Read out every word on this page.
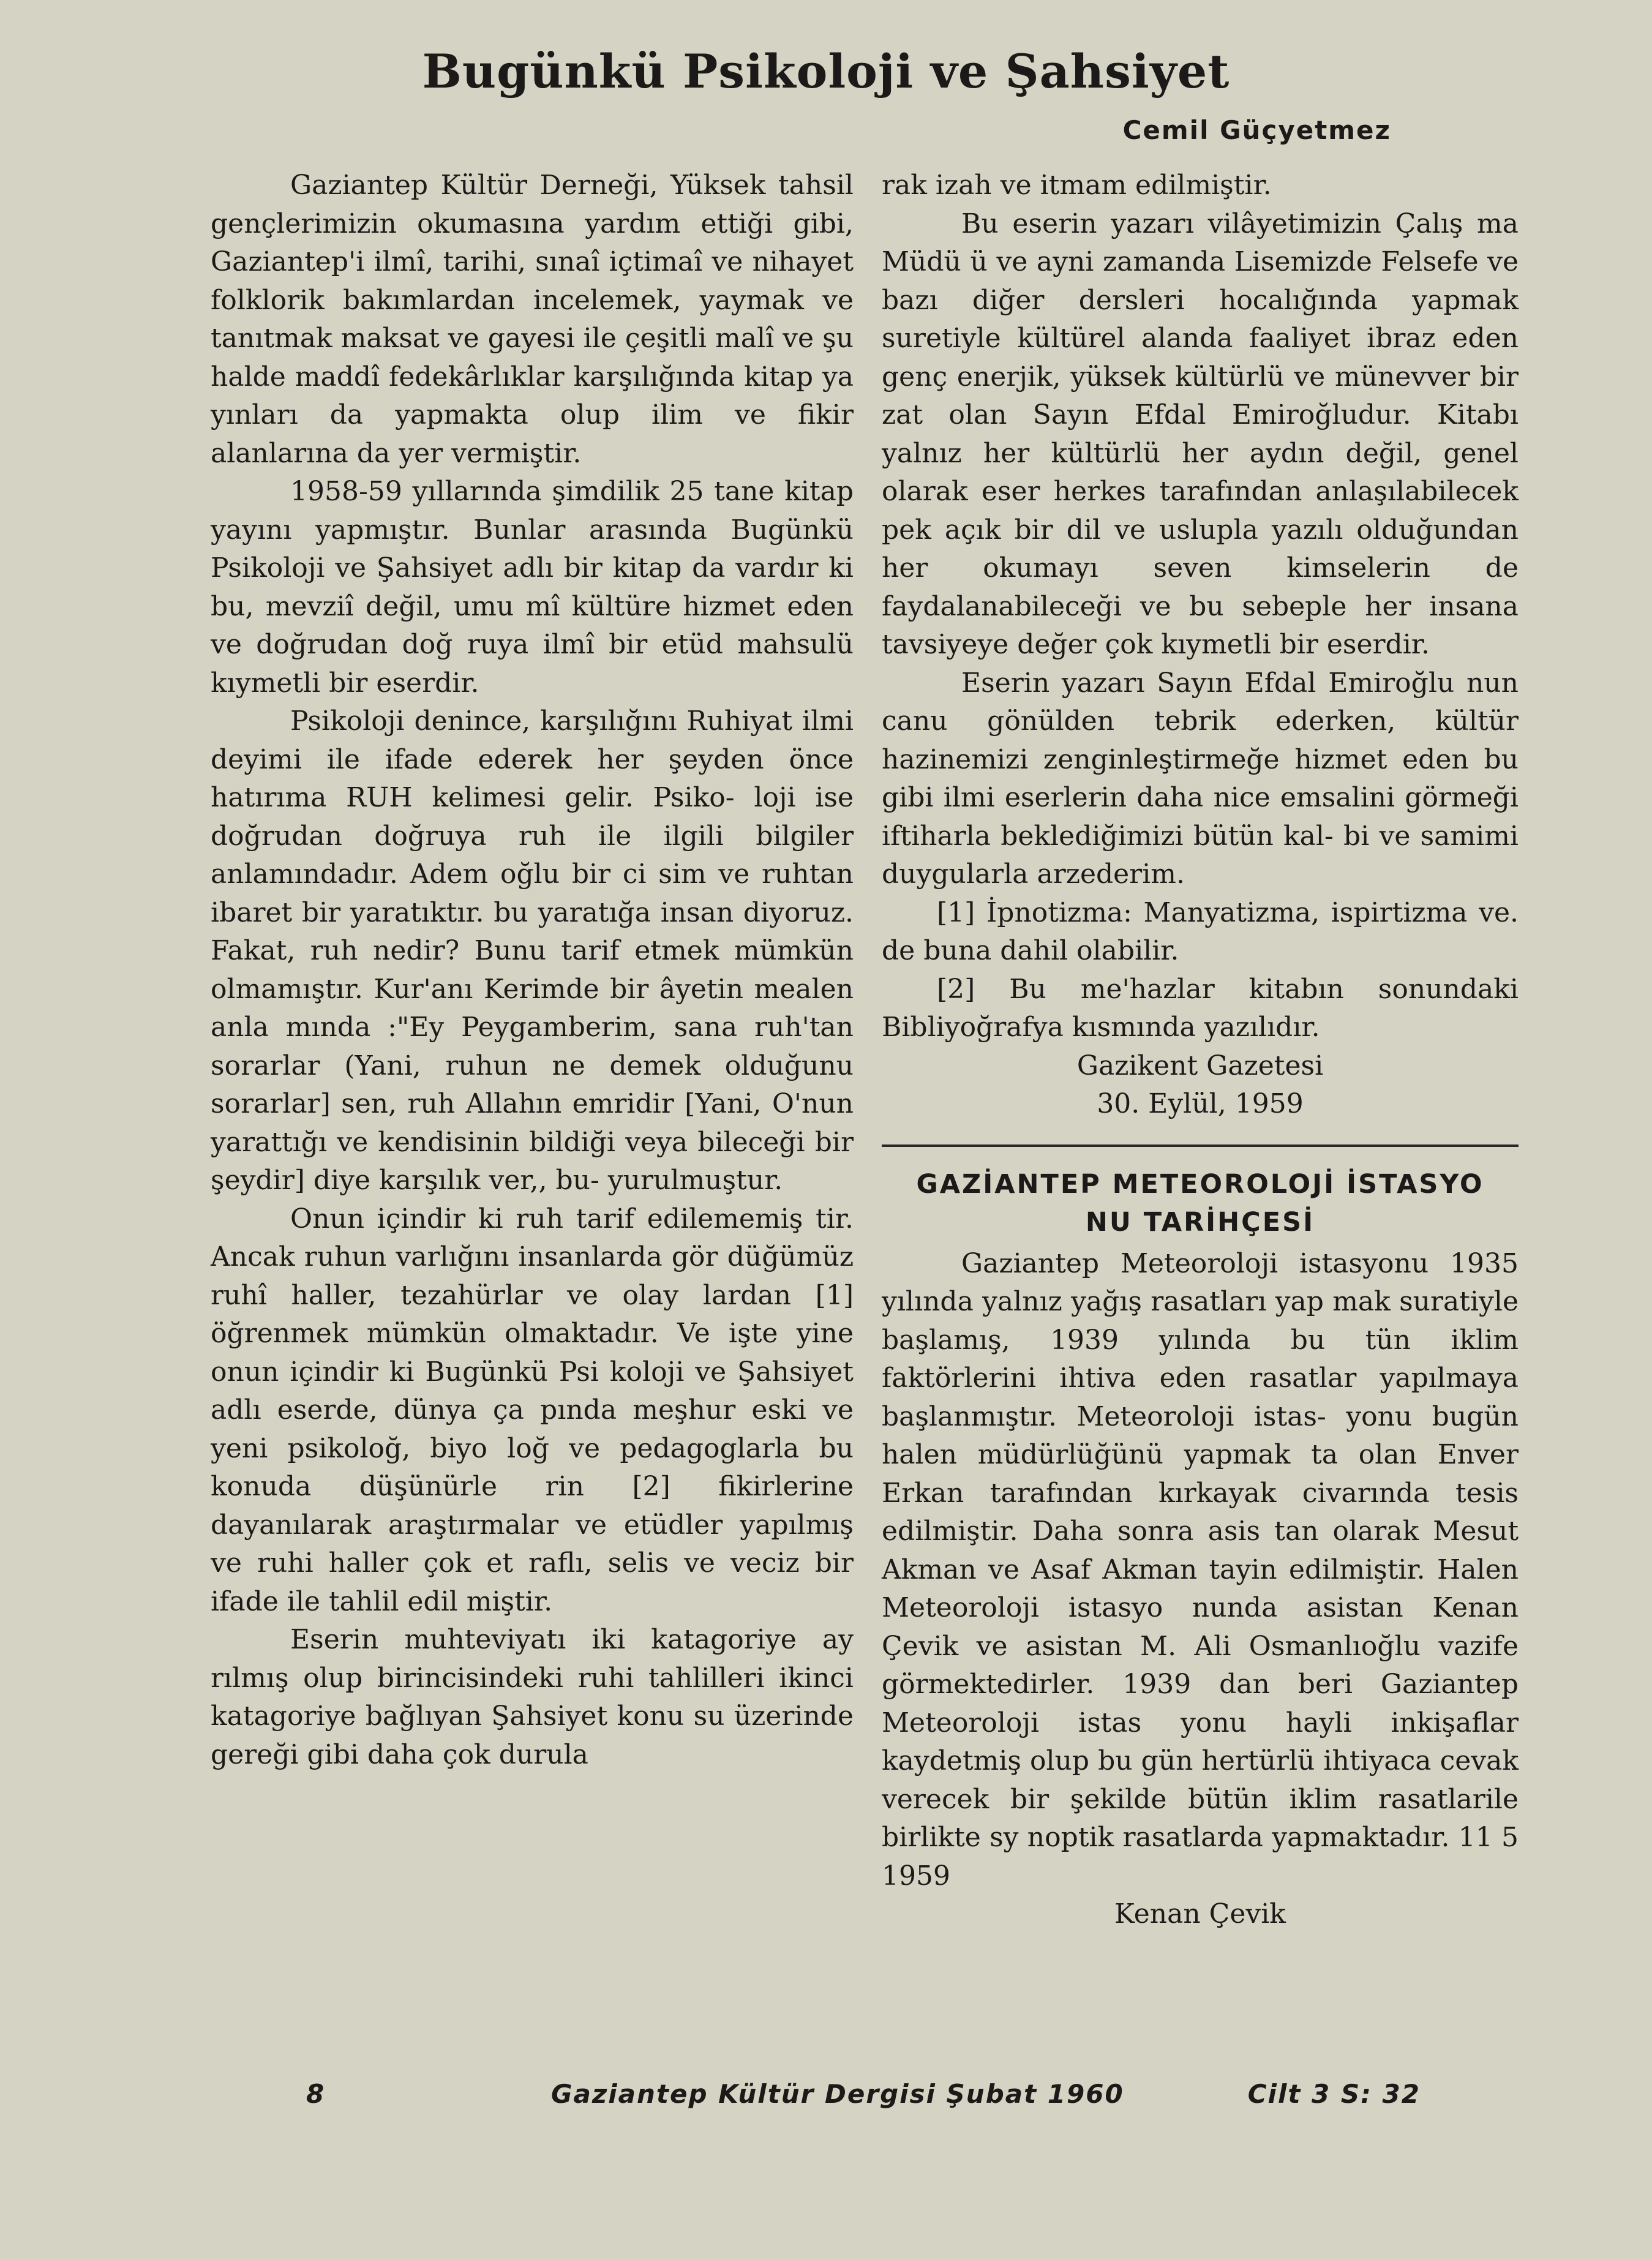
Bugünkü Psikoloji ve Şahsiyet
Cemil Güçyetmez

Gaziantep Kültür Derneği, Yüksek tahsil gençlerimizin okumasına yardım ettiği gibi, Gaziantep'i ilmî, tarihi, sınaî içtimaî ve nihayet folklorik bakımlardan incelemek, yaymak ve tanıtmak maksat ve gayesi ile çeşitli malî ve şu halde maddî fedekârlıklar karşılığında kitap ya yınları da yapmakta olup ilim ve fikir alanlarına da yer vermiştir.

1958-59 yıllarında şimdilik 25 tane kitap yayını yapmıştır. Bunlar arasında Bugünkü Psikoloji ve Şahsiyet adlı bir kitap da vardır ki bu, mevziî değil, umu mî kültüre hizmet eden ve doğrudan doğ ruya ilmî bir etüd mahsulü kıymetli bir eserdir.

Psikoloji denince, karşılığını Ruhiyat ilmi deyimi ile ifade ederek her şeyden önce hatırıma RUH kelimesi gelir. Psiko- loji ise doğrudan doğruya ruh ile ilgili bilgiler anlamındadır. Adem oğlu bir ci sim ve ruhtan ibaret bir yaratıktır. bu yaratığa insan diyoruz. Fakat, ruh nedir? Bunu tarif etmek mümkün olmamıştır. Kur'anı Kerimde bir âyetin mealen anla mında :"Ey Peygamberim, sana ruh'tan sorarlar (Yani, ruhun ne demek olduğunu sorarlar] sen, ruh Allahın emridir [Yani, O'nun yarattığı ve kendisinin bildiği veya bileceği bir şeydir] diye karşılık ver,, bu- yurulmuştur.

Onun içindir ki ruh tarif edilememiş tir. Ancak ruhun varlığını insanlarda gör düğümüz ruhî haller, tezahürlar ve olay lardan [1] öğrenmek mümkün olmaktadır. Ve işte yine onun içindir ki Bugünkü Psi koloji ve Şahsiyet adlı eserde, dünya ça pında meşhur eski ve yeni psikoloğ, biyo loğ ve pedagoglarla bu konuda düşünürle rin [2] fikirlerine dayanılarak araştırmalar ve etüdler yapılmış ve ruhi haller çok et raflı, selis ve veciz bir ifade ile tahlil edil miştir.

Eserin muhteviyatı iki katagoriye ay rılmış olup birincisindeki ruhi tahlilleri ikinci katagoriye bağlıyan Şahsiyet konu su üzerinde gereği gibi daha çok durula

rak izah ve itmam edilmiştir.

Bu eserin yazarı vilâyetimizin Çalış ma Müdü ü ve ayni zamanda Lisemizde Felsefe ve bazı diğer dersleri hocalığında yapmak suretiyle kültürel alanda faaliyet ibraz eden genç enerjik, yüksek kültürlü ve münevver bir zat olan Sayın Efdal Emiroğludur. Kitabı yalnız her kültürlü her aydın değil, genel olarak eser herkes tarafından anlaşılabilecek pek açık bir dil ve uslupla yazılı olduğundan her okumayı seven kimselerin de faydalanabileceği ve bu sebeple her insana tavsiyeye değer çok kıymetli bir eserdir.

Eserin yazarı Sayın Efdal Emiroğlu nun canu gönülden tebrik ederken, kültür hazinemizi zenginleştirmeğe hizmet eden bu gibi ilmi eserlerin daha nice emsalini görmeği iftiharla beklediğimizi bütün kal- bi ve samimi duygularla arzederim.

[1] İpnotizma: Manyatizma, ispirtizma ve. de buna dahil olabilir.

[2] Bu me'hazlar kitabın sonundaki Bibliyoğrafya kısmında yazılıdır.

Gazikent Gazetesi

30. Eylül, 1959

GAZİANTEP METEOROLOJİ İSTASYO
NU TARİHÇESİ

Gaziantep Meteoroloji istasyonu 1935 yılında yalnız yağış rasatları yap mak suratiyle başlamış, 1939 yılında bu tün iklim faktörlerini ihtiva eden rasatlar yapılmaya başlanmıştır. Meteoroloji istas- yonu bugün halen müdürlüğünü yapmak ta olan Enver Erkan tarafından kırkayak civarında tesis edilmiştir. Daha sonra asis tan olarak Mesut Akman ve Asaf Akman tayin edilmiştir. Halen Meteoroloji istasyo nunda asistan Kenan Çevik ve asistan M. Ali Osmanlıoğlu vazife görmektedirler. 1939 dan beri Gaziantep Meteoroloji istas yonu hayli inkişaflar kaydetmiş olup bu gün hertürlü ihtiyaca cevak verecek bir şekilde bütün iklim rasatlarile birlikte sy noptik rasatlarda yapmaktadır. 11 5 1959

Kenan Çevik

8	Gaziantep Kültür Dergisi Şubat 1960	Cilt 3 S: 32
